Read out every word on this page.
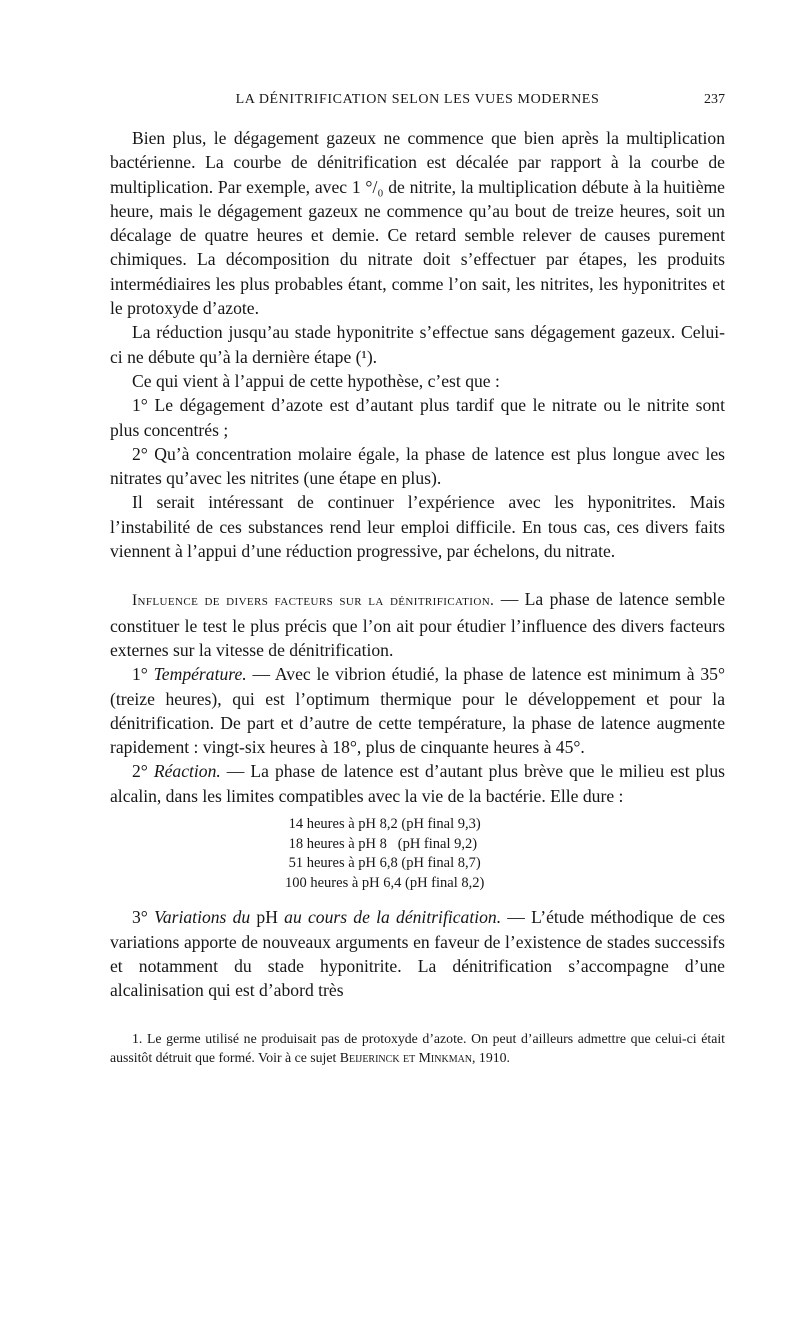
LA DÉNITRIFICATION SELON LES VUES MODERNES	237

Bien plus, le dégagement gazeux ne commence que bien après la multiplication bactérienne. La courbe de dénitrification est décalée par rapport à la courbe de multiplication. Par exemple, avec 1 °/₀ de nitrite, la multiplication débute à la huitième heure, mais le dégagement gazeux ne commence qu’au bout de treize heures, soit un décalage de quatre heures et demie. Ce retard semble relever de causes purement chimiques. La décomposition du nitrate doit s’effectuer par étapes, les produits intermédiaires les plus probables étant, comme l’on sait, les nitrites, les hyponitrites et le protoxyde d’azote.

La réduction jusqu’au stade hyponitrite s’effectue sans dégagement gazeux. Celui-ci ne débute qu’à la dernière étape (¹).

Ce qui vient à l’appui de cette hypothèse, c’est que :

1° Le dégagement d’azote est d’autant plus tardif que le nitrate ou le nitrite sont plus concentrés ;

2° Qu’à concentration molaire égale, la phase de latence est plus longue avec les nitrates qu’avec les nitrites (une étape en plus).

Il serait intéressant de continuer l’expérience avec les hyponitrites. Mais l’instabilité de ces substances rend leur emploi difficile. En tous cas, ces divers faits viennent à l’appui d’une réduction progressive, par échelons, du nitrate.

Influence de divers facteurs sur la dénitrification. — La phase de latence semble constituer le test le plus précis que l’on ait pour étudier l’influence des divers facteurs externes sur la vitesse de dénitrification.

1° Température. — Avec le vibrion étudié, la phase de latence est minimum à 35° (treize heures), qui est l’optimum thermique pour le développement et pour la dénitrification. De part et d’autre de cette température, la phase de latence augmente rapidement : vingt-six heures à 18°, plus de cinquante heures à 45°.

2° Réaction. — La phase de latence est d’autant plus brève que le milieu est plus alcalin, dans les limites compatibles avec la vie de la bactérie. Elle dure :

14 heures à pH 8,2 (pH final 9,3)
18 heures à pH 8   (pH final 9,2)
51 heures à pH 6,8 (pH final 8,7)
100 heures à pH 6,4 (pH final 8,2)

3° Variations du pH au cours de la dénitrification. — L’étude méthodique de ces variations apporte de nouveaux arguments en faveur de l’existence de stades successifs et notamment du stade hyponitrite. La dénitrification s’accompagne d’une alcalinisation qui est d’abord très

1. Le germe utilisé ne produisait pas de protoxyde d’azote. On peut d’ailleurs admettre que celui-ci était aussitôt détruit que formé. Voir à ce sujet Beijerinck et Minkman, 1910.
